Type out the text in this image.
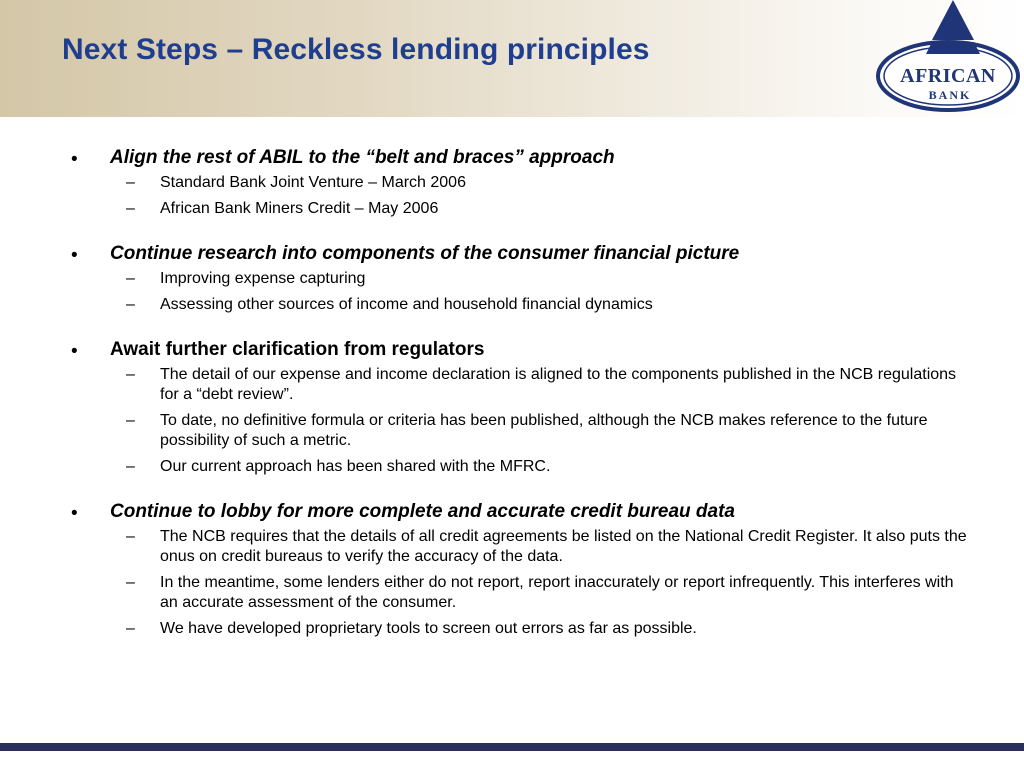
Next Steps – Reckless lending principles
AFRICAN
BANK
• Align the rest of ABIL to the “belt and braces” approach
– Standard Bank Joint Venture – March 2006
– African Bank Miners Credit – May 2006
• Continue research into components of the consumer financial picture
– Improving expense capturing
– Assessing other sources of income and household financial dynamics
• Await further clarification from regulators
– The detail of our expense and income declaration is aligned to the components published in the NCB regulations for a “debt review”.
– To date, no definitive formula or criteria has been published, although the NCB makes reference to the future possibility of such a metric.
– Our current approach has been shared with the MFRC.
• Continue to lobby for more complete and accurate credit bureau data
– The NCB requires that the details of all credit agreements be listed on the National Credit Register. It also puts the onus on credit bureaus to verify the accuracy of the data.
– In the meantime, some lenders either do not report, report inaccurately or report infrequently. This interferes with an accurate assessment of the consumer.
– We have developed proprietary tools to screen out errors as far as possible.
